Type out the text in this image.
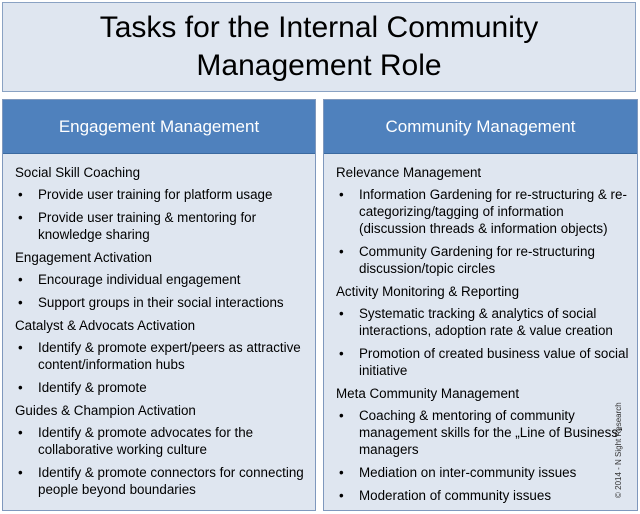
Tasks for the Internal Community
Management Role
Engagement Management
Social Skill Coaching
• Provide user training for platform usage
• Provide user training & mentoring for knowledge sharing
Engagement Activation
• Encourage individual engagement
• Support groups in their social interactions
Catalyst & Advocats Activation
• Identify & promote expert/peers as attractive content/information hubs
• Identify & promote
Guides & Champion Activation
• Identify & promote advocates for the collaborative working culture
• Identify & promote connectors for connecting people beyond boundaries
Community Management
Relevance Management
• Information Gardening for re-structuring & re-categorizing/tagging of information (discussion threads & information objects)
• Community Gardening for re-structuring discussion/topic circles
Activity Monitoring & Reporting
• Systematic tracking & analytics of social interactions, adoption rate & value creation
• Promotion of created business value of social initiative
Meta Community Management
• Coaching & mentoring of community management skills for the „Line of Business“ managers
• Mediation on inter-community issues
• Moderation of community issues	© 2014 - N Sight Research
